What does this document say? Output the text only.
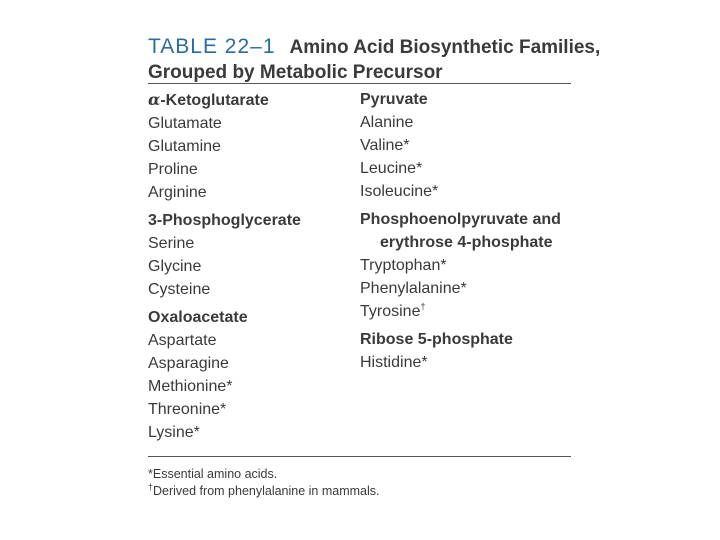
TABLE 22–1 Amino Acid Biosynthetic Families,
Grouped by Metabolic Precursor
α-Ketoglutarate
Glutamate
Glutamine
Proline
Arginine
3-Phosphoglycerate
Serine
Glycine
Cysteine
Oxaloacetate
Aspartate
Asparagine
Methionine*
Threonine*
Lysine*
Pyruvate
Alanine
Valine*
Leucine*
Isoleucine*
Phosphoenolpyruvate and
erythrose 4-phosphate
Tryptophan*
Phenylalanine*
Tyrosine†
Ribose 5-phosphate
Histidine*
*Essential amino acids.
†Derived from phenylalanine in mammals.
